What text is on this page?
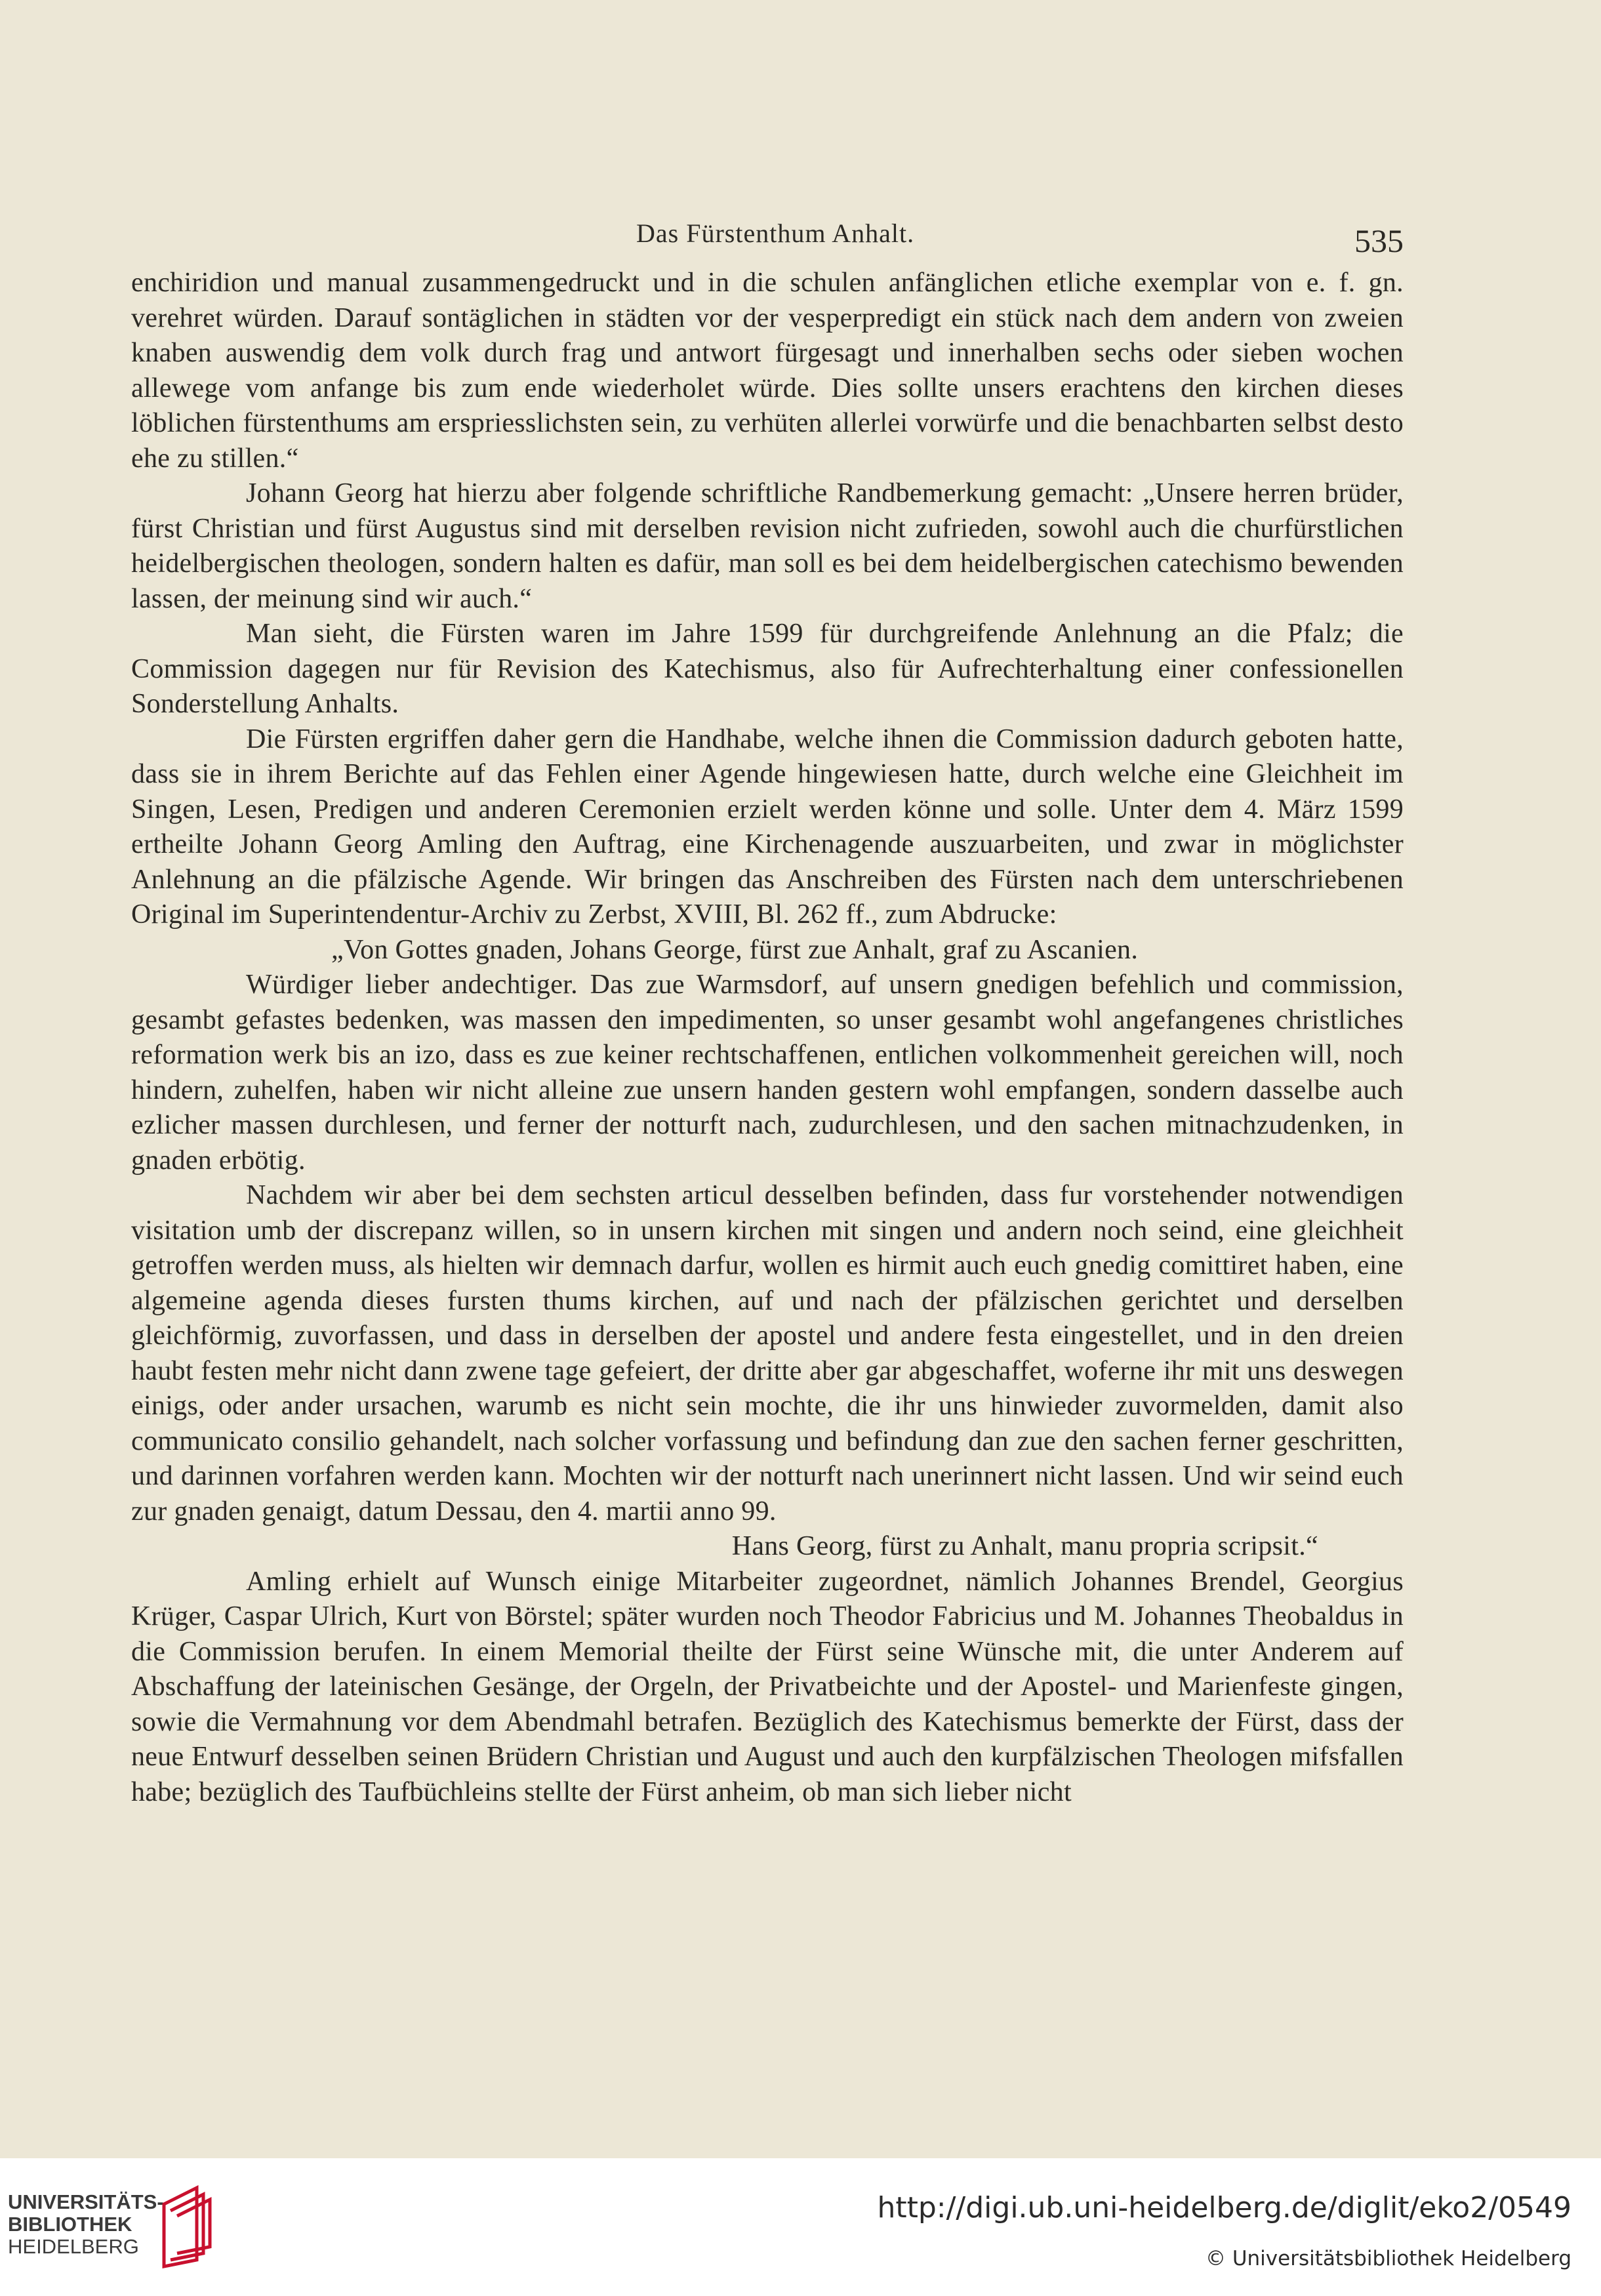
Das Fürstenthum Anhalt.	535

enchiridion und manual zusammengedruckt und in die schulen anfänglichen etliche exemplar von e. f. gn. verehret würden. Darauf sontäglichen in städten vor der vesperpredigt ein stück nach dem andern von zweien knaben auswendig dem volk durch frag und antwort fürgesagt und innerhalben sechs oder sieben wochen allewege vom anfange bis zum ende wiederholet würde. Dies sollte unsers erachtens den kirchen dieses löblichen fürstenthums am erspriesslichsten sein, zu verhüten allerlei vorwürfe und die benachbarten selbst desto ehe zu stillen.“

Johann Georg hat hierzu aber folgende schriftliche Randbemerkung gemacht: „Unsere herren brüder, fürst Christian und fürst Augustus sind mit derselben revision nicht zufrieden, sowohl auch die churfürstlichen heidelbergischen theologen, sondern halten es dafür, man soll es bei dem heidelbergischen catechismo bewenden lassen, der meinung sind wir auch.“

Man sieht, die Fürsten waren im Jahre 1599 für durchgreifende Anlehnung an die Pfalz; die Commission dagegen nur für Revision des Katechismus, also für Aufrechterhaltung einer confessionellen Sonderstellung Anhalts.

Die Fürsten ergriffen daher gern die Handhabe, welche ihnen die Commission dadurch geboten hatte, dass sie in ihrem Berichte auf das Fehlen einer Agende hingewiesen hatte, durch welche eine Gleichheit im Singen, Lesen, Predigen und anderen Ceremonien erzielt werden könne und solle. Unter dem 4. März 1599 ertheilte Johann Georg Amling den Auftrag, eine Kirchenagende auszuarbeiten, und zwar in möglichster Anlehnung an die pfälzische Agende. Wir bringen das Anschreiben des Fürsten nach dem unterschriebenen Original im Superintendentur-Archiv zu Zerbst, XVIII, Bl. 262 ff., zum Abdrucke:

„Von Gottes gnaden, Johans George, fürst zue Anhalt, graf zu Ascanien.

Würdiger lieber andechtiger. Das zue Warmsdorf, auf unsern gnedigen befehlich und commission, gesambt gefastes bedenken, was massen den impedimenten, so unser gesambt wohl angefangenes christliches reformation werk bis an izo, dass es zue keiner rechtschaffenen, entlichen volkommenheit gereichen will, noch hindern, zuhelfen, haben wir nicht alleine zue unsern handen gestern wohl empfangen, sondern dasselbe auch ezlicher massen durchlesen, und ferner der notturft nach, zudurchlesen, und den sachen mitnachzudenken, in gnaden erbötig.

Nachdem wir aber bei dem sechsten articul desselben befinden, dass fur vorstehender notwendigen visitation umb der discrepanz willen, so in unsern kirchen mit singen und andern noch seind, eine gleichheit getroffen werden muss, als hielten wir demnach darfur, wollen es hirmit auch euch gnedig comittiret haben, eine algemeine agenda dieses fursten thums kirchen, auf und nach der pfälzischen gerichtet und derselben gleichförmig, zuvorfassen, und dass in derselben der apostel und andere festa eingestellet, und in den dreien haubt festen mehr nicht dann zwene tage gefeiert, der dritte aber gar abgeschaffet, woferne ihr mit uns deswegen einigs, oder ander ursachen, warumb es nicht sein mochte, die ihr uns hinwieder zuvormelden, damit also communicato consilio gehandelt, nach solcher vorfassung und befindung dan zue den sachen ferner geschritten, und darinnen vorfahren werden kann. Mochten wir der notturft nach unerinnert nicht lassen. Und wir seind euch zur gnaden genaigt, datum Dessau, den 4. martii anno 99.

Hans Georg, fürst zu Anhalt, manu propria scripsit.“

Amling erhielt auf Wunsch einige Mitarbeiter zugeordnet, nämlich Johannes Brendel, Georgius Krüger, Caspar Ulrich, Kurt von Börstel; später wurden noch Theodor Fabricius und M. Johannes Theobaldus in die Commission berufen. In einem Memorial theilte der Fürst seine Wünsche mit, die unter Anderem auf Abschaffung der lateinischen Gesänge, der Orgeln, der Privatbeichte und der Apostel- und Marienfeste gingen, sowie die Vermahnung vor dem Abendmahl betrafen. Bezüglich des Katechismus bemerkte der Fürst, dass der neue Entwurf desselben seinen Brüdern Christian und August und auch den kurpfälzischen Theologen mifsfallen habe; bezüglich des Taufbüchleins stellte der Fürst anheim, ob man sich lieber nicht

UNIVERSITÄTS-
BIBLIOTHEK
HEIDELBERG
http://digi.ub.uni-heidelberg.de/diglit/eko2/0549
© Universitätsbibliothek Heidelberg
